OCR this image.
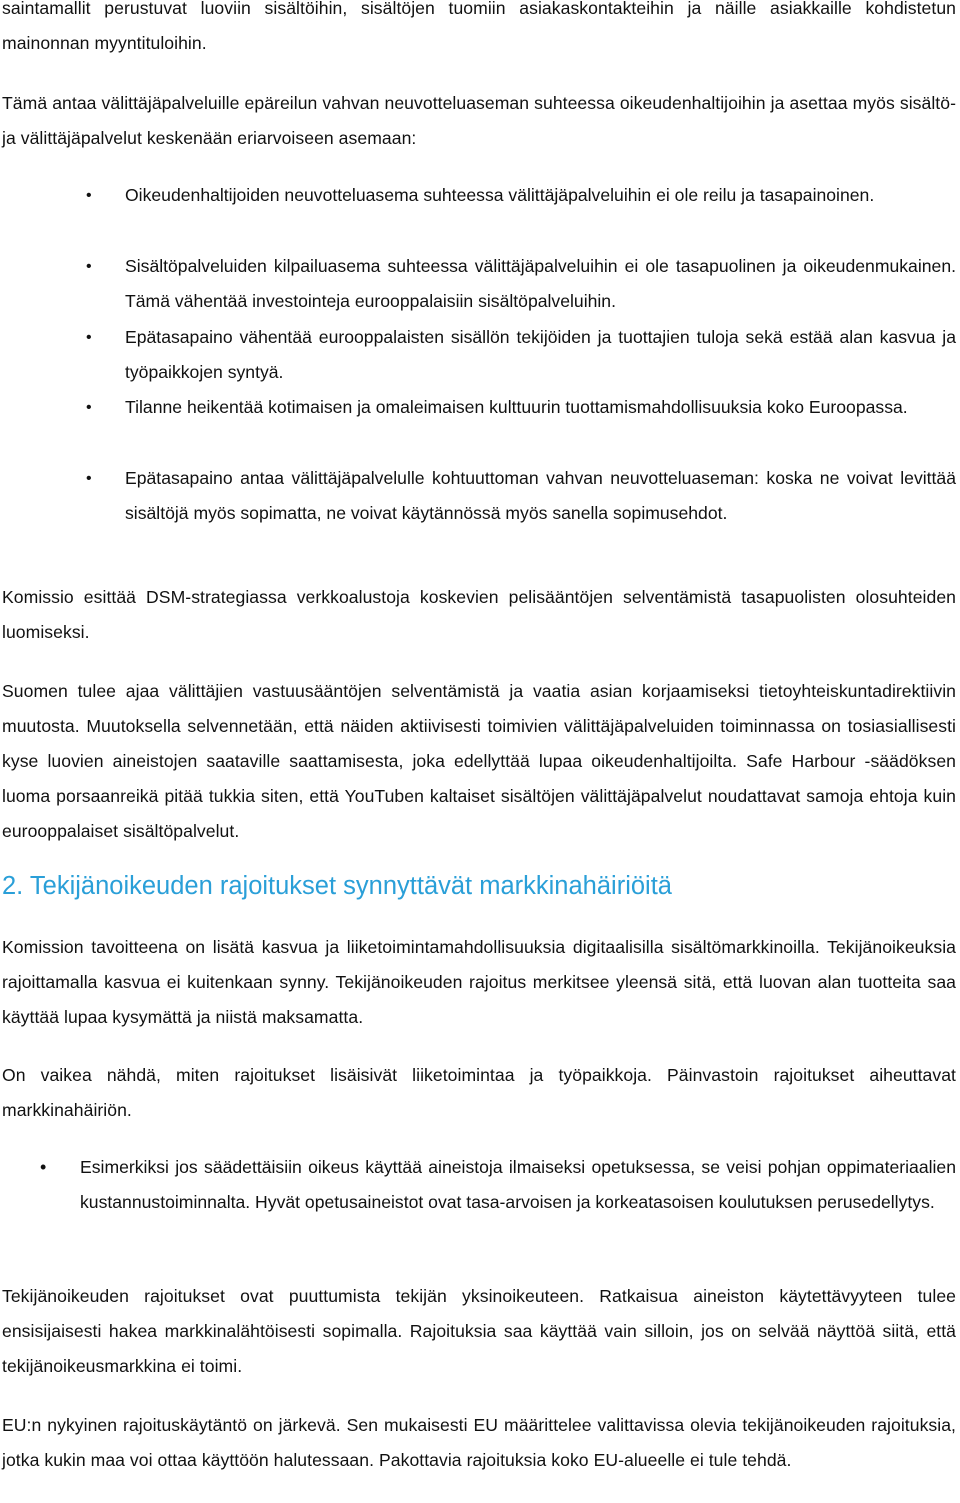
saintamallit perustuvat luoviin sisältöihin, sisältöjen tuomiin asiakaskontakteihin ja näille asiakkaille kohdistetun mainonnan myyntituloihin.
Tämä antaa välittäjäpalveluille epäreilun vahvan neuvotteluaseman suhteessa oikeudenhaltijoihin ja asettaa myös sisältö- ja välittäjäpalvelut keskenään eriarvoiseen asemaan:
• Oikeudenhaltijoiden neuvotteluasema suhteessa välittäjäpalveluihin ei ole reilu ja tasapainoinen.
• Sisältöpalveluiden kilpailuasema suhteessa välittäjäpalveluihin ei ole tasapuolinen ja oikeudenmukainen. Tämä vähentää investointeja eurooppalaisiin sisältöpalveluihin.
• Epätasapaino vähentää eurooppalaisten sisällön tekijöiden ja tuottajien tuloja sekä estää alan kasvua ja työpaikkojen syntyä.
• Tilanne heikentää kotimaisen ja omaleimaisen kulttuurin tuottamismahdollisuuksia koko Euroopassa.
• Epätasapaino antaa välittäjäpalvelulle kohtuuttoman vahvan neuvotteluaseman: koska ne voivat levittää sisältöjä myös sopimatta, ne voivat käytännössä myös sanella sopimusehdot.
Komissio esittää DSM-strategiassa verkkoalustoja koskevien pelisääntöjen selventämistä tasapuolisten olosuhteiden luomiseksi.
Suomen tulee ajaa välittäjien vastuusääntöjen selventämistä ja vaatia asian korjaamiseksi tietoyhteiskuntadirektiivin muutosta. Muutoksella selvennetään, että näiden aktiivisesti toimivien välittäjäpalveluiden toiminnassa on tosiasiallisesti kyse luovien aineistojen saataville saattamisesta, joka edellyttää lupaa oikeudenhaltijoilta. Safe Harbour -säädöksen luoma porsaanreikä pitää tukkia siten, että YouTuben kaltaiset sisältöjen välittäjäpalvelut noudattavat samoja ehtoja kuin eurooppalaiset sisältöpalvelut.
2. Tekijänoikeuden rajoitukset synnyttävät markkinahäiriöitä
Komission tavoitteena on lisätä kasvua ja liiketoimintamahdollisuuksia digitaalisilla sisältömarkkinoilla. Tekijänoikeuksia rajoittamalla kasvua ei kuitenkaan synny. Tekijänoikeuden rajoitus merkitsee yleensä sitä, että luovan alan tuotteita saa käyttää lupaa kysymättä ja niistä maksamatta.
On vaikea nähdä, miten rajoitukset lisäisivät liiketoimintaa ja työpaikkoja. Päinvastoin rajoitukset aiheuttavat markkinahäiriön.
• Esimerkiksi jos säädettäisiin oikeus käyttää aineistoja ilmaiseksi opetuksessa, se veisi pohjan oppimateriaalien kustannustoiminnalta. Hyvät opetusaineistot ovat tasa-arvoisen ja korkeatasoisen koulutuksen perusedellytys.
Tekijänoikeuden rajoitukset ovat puuttumista tekijän yksinoikeuteen. Ratkaisua aineiston käytettävyyteen tulee ensisijaisesti hakea markkinalähtöisesti sopimalla. Rajoituksia saa käyttää vain silloin, jos on selvää näyttöä siitä, että tekijänoikeusmarkkina ei toimi.
EU:n nykyinen rajoituskäytäntö on järkevä. Sen mukaisesti EU määrittelee valittavissa olevia tekijänoikeuden rajoituksia, jotka kukin maa voi ottaa käyttöön halutessaan. Pakottavia rajoituksia koko EU-alueelle ei tule tehdä.
